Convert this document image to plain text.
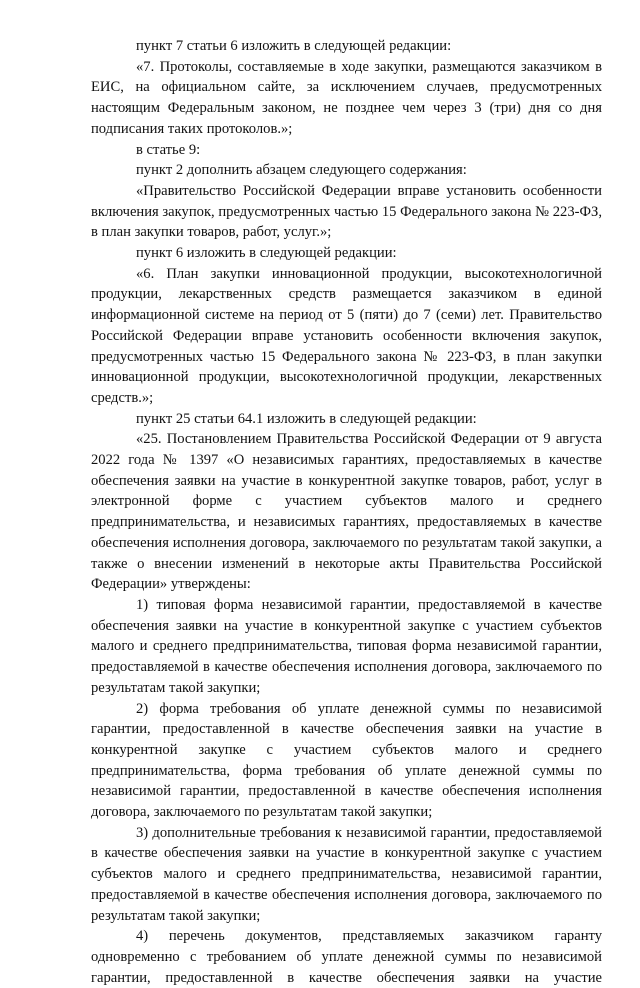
пункт 7 статьи 6 изложить в следующей редакции:

«7. Протоколы, составляемые в ходе закупки, размещаются заказчиком в ЕИС, на официальном сайте, за исключением случаев, предусмотренных настоящим Федеральным законом, не позднее чем через 3 (три) дня со дня подписания таких протоколов.»;

в статье 9:

пункт 2 дополнить абзацем следующего содержания:

«Правительство Российской Федерации вправе установить особенности включения закупок, предусмотренных частью 15 Федерального закона № 223-ФЗ, в план закупки товаров, работ, услуг.»;

пункт 6 изложить в следующей редакции:

«6. План закупки инновационной продукции, высокотехнологичной продукции, лекарственных средств размещается заказчиком в единой информационной системе на период от 5 (пяти) до 7 (семи) лет. Правительство Российской Федерации вправе установить особенности включения закупок, предусмотренных частью 15 Федерального закона № 223-ФЗ, в план закупки инновационной продукции, высокотехнологичной продукции, лекарственных средств.»;

пункт 25 статьи 64.1 изложить в следующей редакции:

«25. Постановлением Правительства Российской Федерации от 9 августа 2022 года № 1397 «О независимых гарантиях, предоставляемых в качестве обеспечения заявки на участие в конкурентной закупке товаров, работ, услуг в электронной форме с участием субъектов малого и среднего предпринимательства, и независимых гарантиях, предоставляемых в качестве обеспечения исполнения договора, заключаемого по результатам такой закупки, а также о внесении изменений в некоторые акты Правительства Российской Федерации» утверждены:

1) типовая форма независимой гарантии, предоставляемой в качестве обеспечения заявки на участие в конкурентной закупке с участием субъектов малого и среднего предпринимательства, типовая форма независимой гарантии, предоставляемой в качестве обеспечения исполнения договора, заключаемого по результатам такой закупки;

2) форма требования об уплате денежной суммы по независимой гарантии, предоставленной в качестве обеспечения заявки на участие в конкурентной закупке с участием субъектов малого и среднего предпринимательства, форма требования об уплате денежной суммы по независимой гарантии, предоставленной в качестве обеспечения исполнения договора, заключаемого по результатам такой закупки;

3) дополнительные требования к независимой гарантии, предоставляемой в качестве обеспечения заявки на участие в конкурентной закупке с участием субъектов малого и среднего предпринимательства, независимой гарантии, предоставляемой в качестве обеспечения исполнения договора, заключаемого по результатам такой закупки;

4) перечень документов, представляемых заказчиком гаранту одновременно с требованием об уплате денежной суммы по независимой гарантии, предоставленной в качестве обеспечения заявки на участие
